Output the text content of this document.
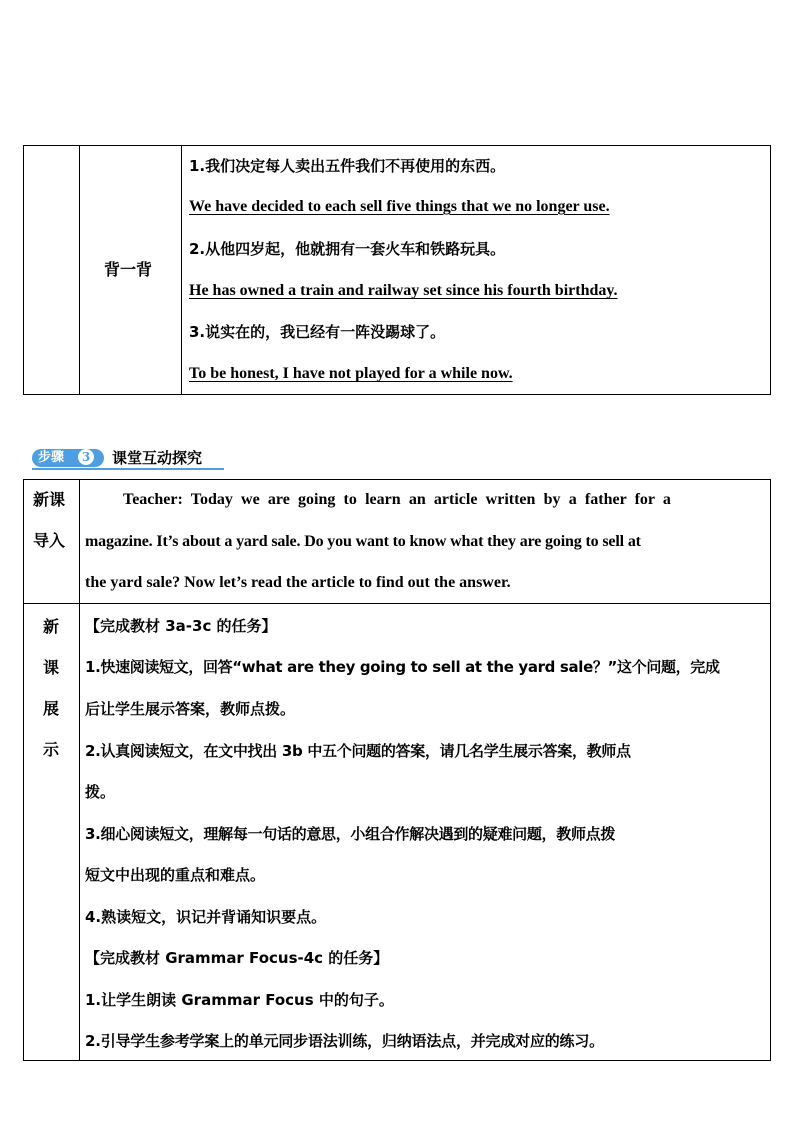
背一背
1.我们决定每人卖出五件我们不再使用的东西。
We have decided to each sell five things that we no longer use.
2.从他四岁起，他就拥有一套火车和铁路玩具。
He has owned a train and railway set since his fourth birthday.
3.说实在的，我已经有一阵没踢球了。
To be honest, I have not played for a while now.
步骤	3 课堂互动探究
新课
导入
Teacher: Today we are going to learn an article written by a father for a
magazine. It’s about a yard sale. Do you want to know what they are going to sell at
the yard sale? Now let’s read the article to find out the answer.
新
课
展
示
【完成教材 3a-3c 的任务】
1.快速阅读短文，回答“what are they going to sell at the yard sale？”这个问题，完成
后让学生展示答案，教师点拨。
2.认真阅读短文，在文中找出 3b 中五个问题的答案，请几名学生展示答案，教师点
拨。
3.细心阅读短文，理解每一句话的意思，小组合作解决遇到的疑难问题，教师点拨
短文中出现的重点和难点。
4.熟读短文，识记并背诵知识要点。
【完成教材 Grammar Focus-4c 的任务】
1.让学生朗读 Grammar Focus 中的句子。
2.引导学生参考学案上的单元同步语法训练，归纳语法点，并完成对应的练习。
